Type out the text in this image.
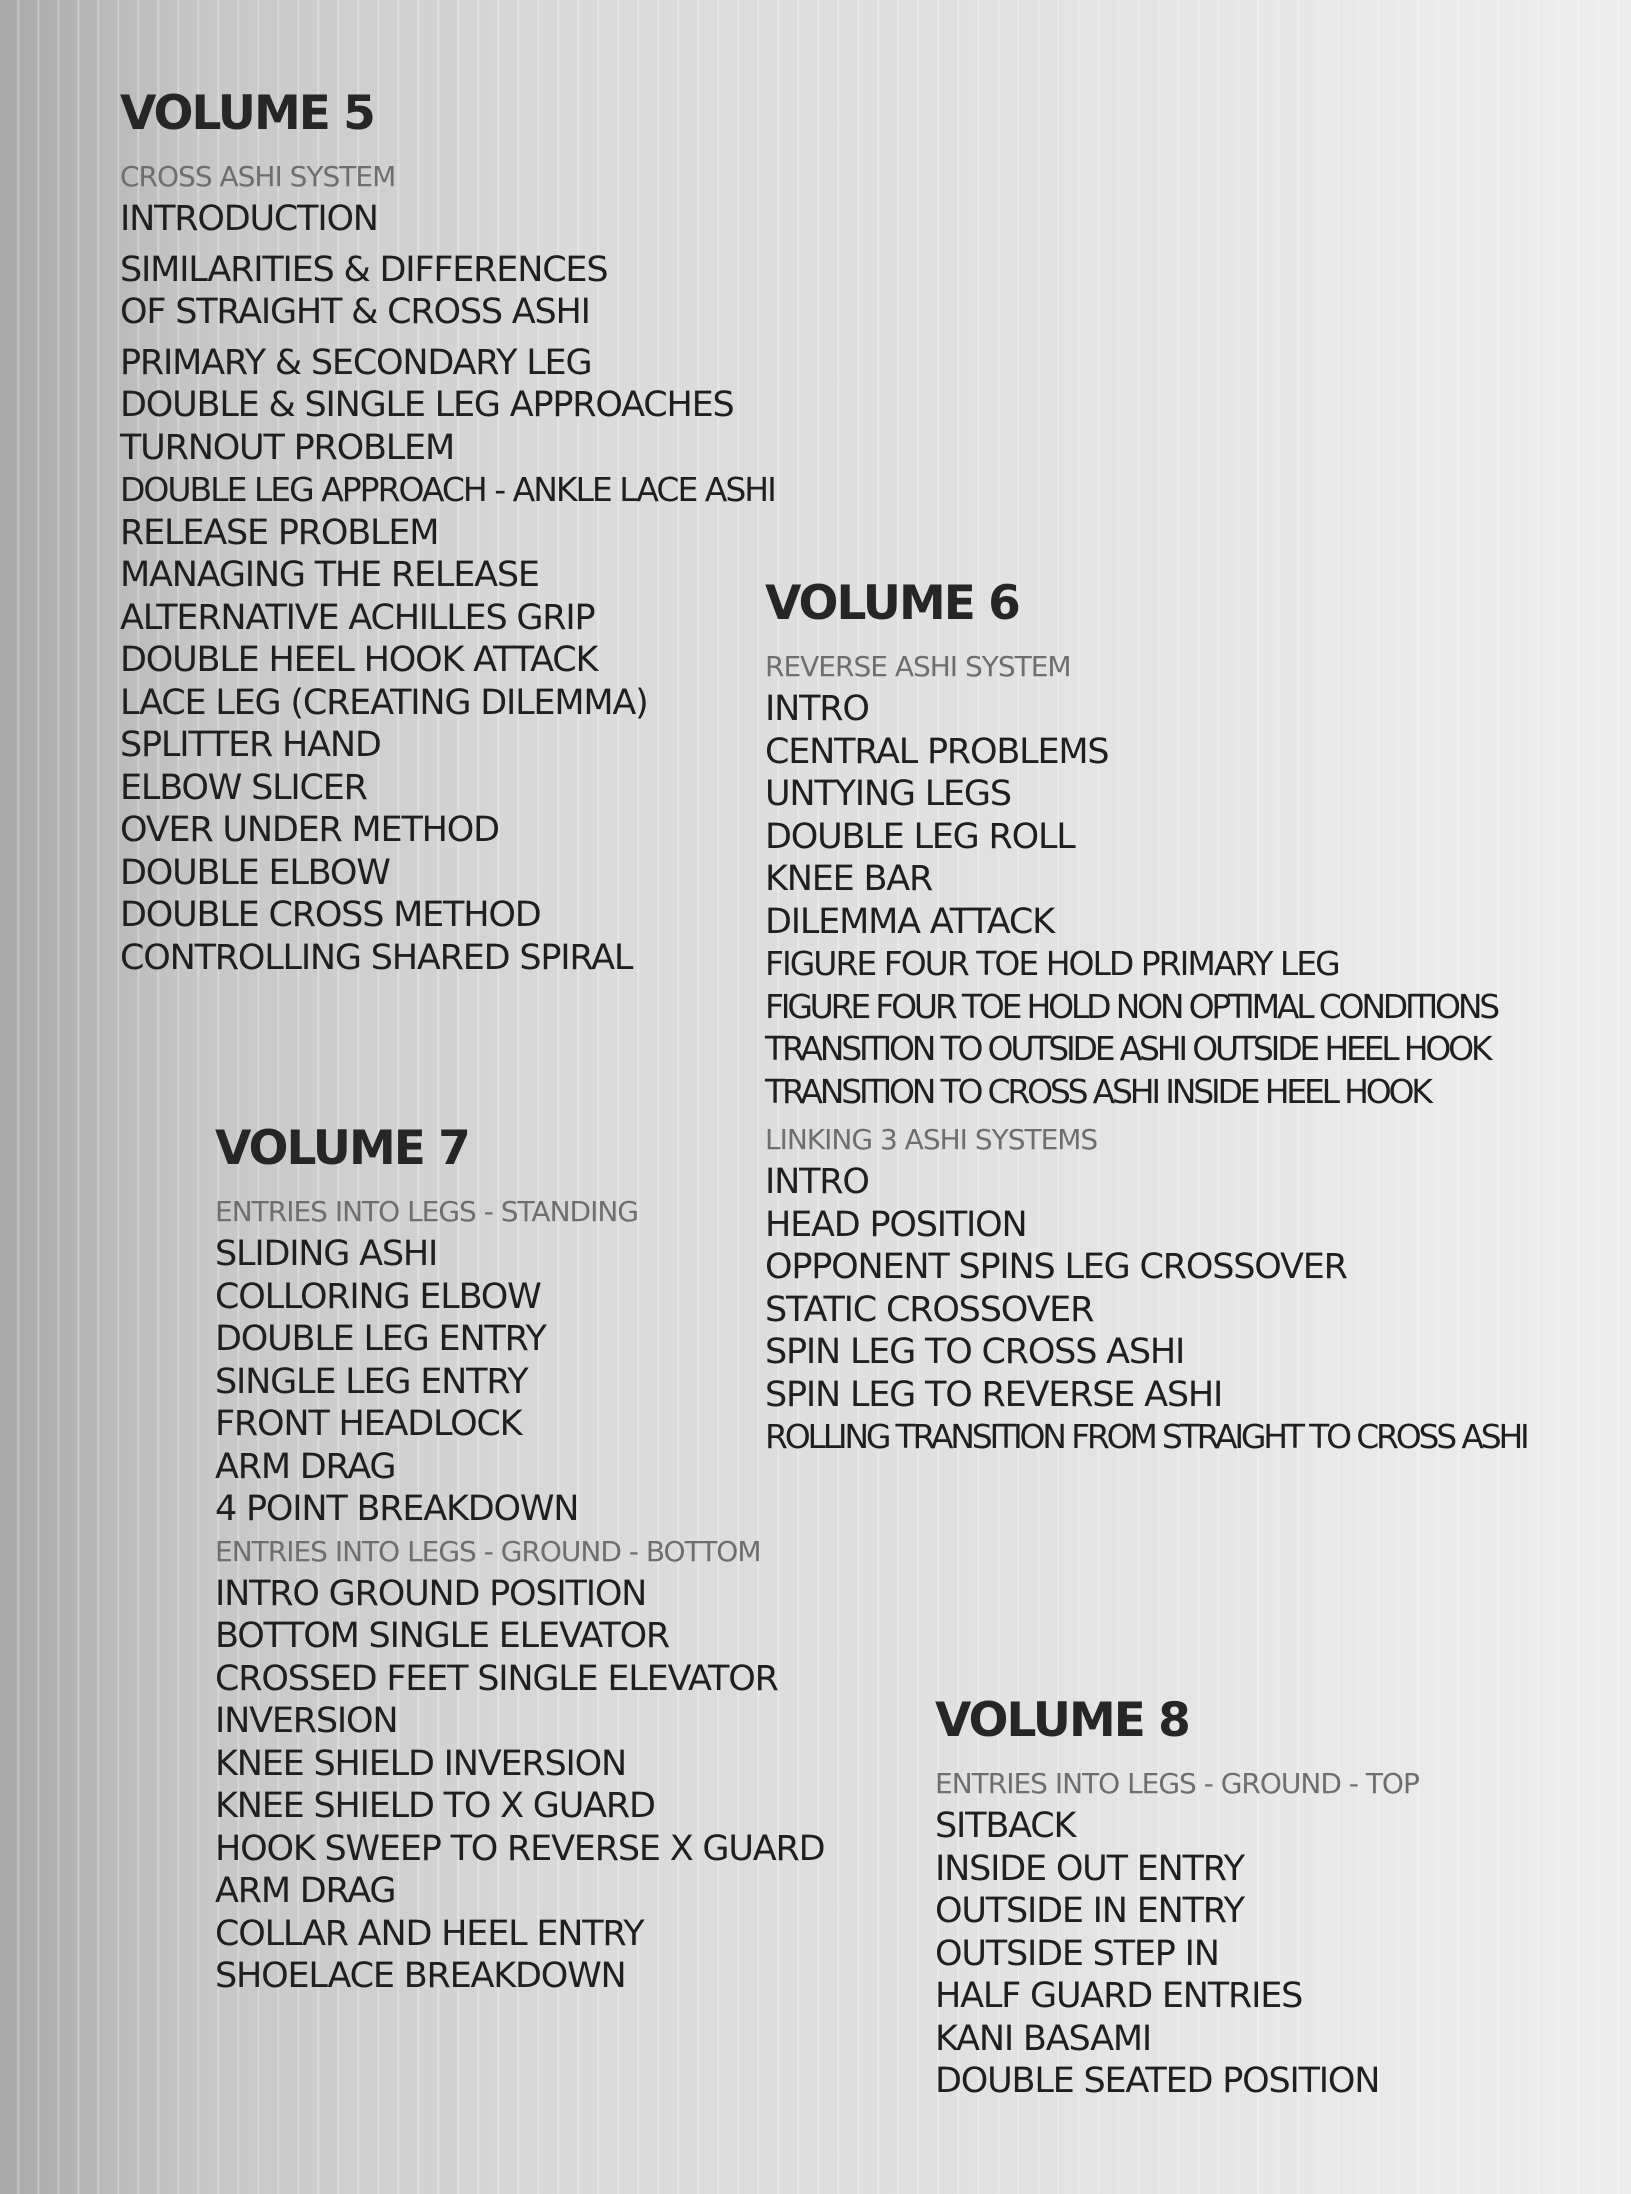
VOLUME 5
CROSS ASHI SYSTEM
INTRODUCTION
SIMILARITIES & DIFFERENCES
OF STRAIGHT & CROSS ASHI
PRIMARY & SECONDARY LEG
DOUBLE & SINGLE LEG APPROACHES
TURNOUT PROBLEM
DOUBLE LEG APPROACH - ANKLE LACE ASHI
RELEASE PROBLEM
MANAGING THE RELEASE
ALTERNATIVE ACHILLES GRIP
DOUBLE HEEL HOOK ATTACK
LACE LEG (CREATING DILEMMA)
SPLITTER HAND
ELBOW SLICER
OVER UNDER METHOD
DOUBLE ELBOW
DOUBLE CROSS METHOD
CONTROLLING SHARED SPIRAL
VOLUME 6
REVERSE ASHI SYSTEM
INTRO
CENTRAL PROBLEMS
UNTYING LEGS
DOUBLE LEG ROLL
KNEE BAR
DILEMMA ATTACK
FIGURE FOUR TOE HOLD PRIMARY LEG
FIGURE FOUR TOE HOLD NON OPTIMAL CONDITIONS
TRANSITION TO OUTSIDE ASHI OUTSIDE HEEL HOOK
TRANSITION TO CROSS ASHI INSIDE HEEL HOOK
LINKING 3 ASHI SYSTEMS
INTRO
HEAD POSITION
OPPONENT SPINS LEG CROSSOVER
STATIC CROSSOVER
SPIN LEG TO CROSS ASHI
SPIN LEG TO REVERSE ASHI
ROLLING TRANSITION FROM STRAIGHT TO CROSS ASHI
VOLUME 7
ENTRIES INTO LEGS - STANDING
SLIDING ASHI
COLLORING ELBOW
DOUBLE LEG ENTRY
SINGLE LEG ENTRY
FRONT HEADLOCK
ARM DRAG
4 POINT BREAKDOWN
ENTRIES INTO LEGS - GROUND - BOTTOM
INTRO GROUND POSITION
BOTTOM SINGLE ELEVATOR
CROSSED FEET SINGLE ELEVATOR
INVERSION
KNEE SHIELD INVERSION
KNEE SHIELD TO X GUARD
HOOK SWEEP TO REVERSE X GUARD
ARM DRAG
COLLAR AND HEEL ENTRY
SHOELACE BREAKDOWN
VOLUME 8
ENTRIES INTO LEGS - GROUND - TOP
SITBACK
INSIDE OUT ENTRY
OUTSIDE IN ENTRY
OUTSIDE STEP IN
HALF GUARD ENTRIES
KANI BASAMI
DOUBLE SEATED POSITION
